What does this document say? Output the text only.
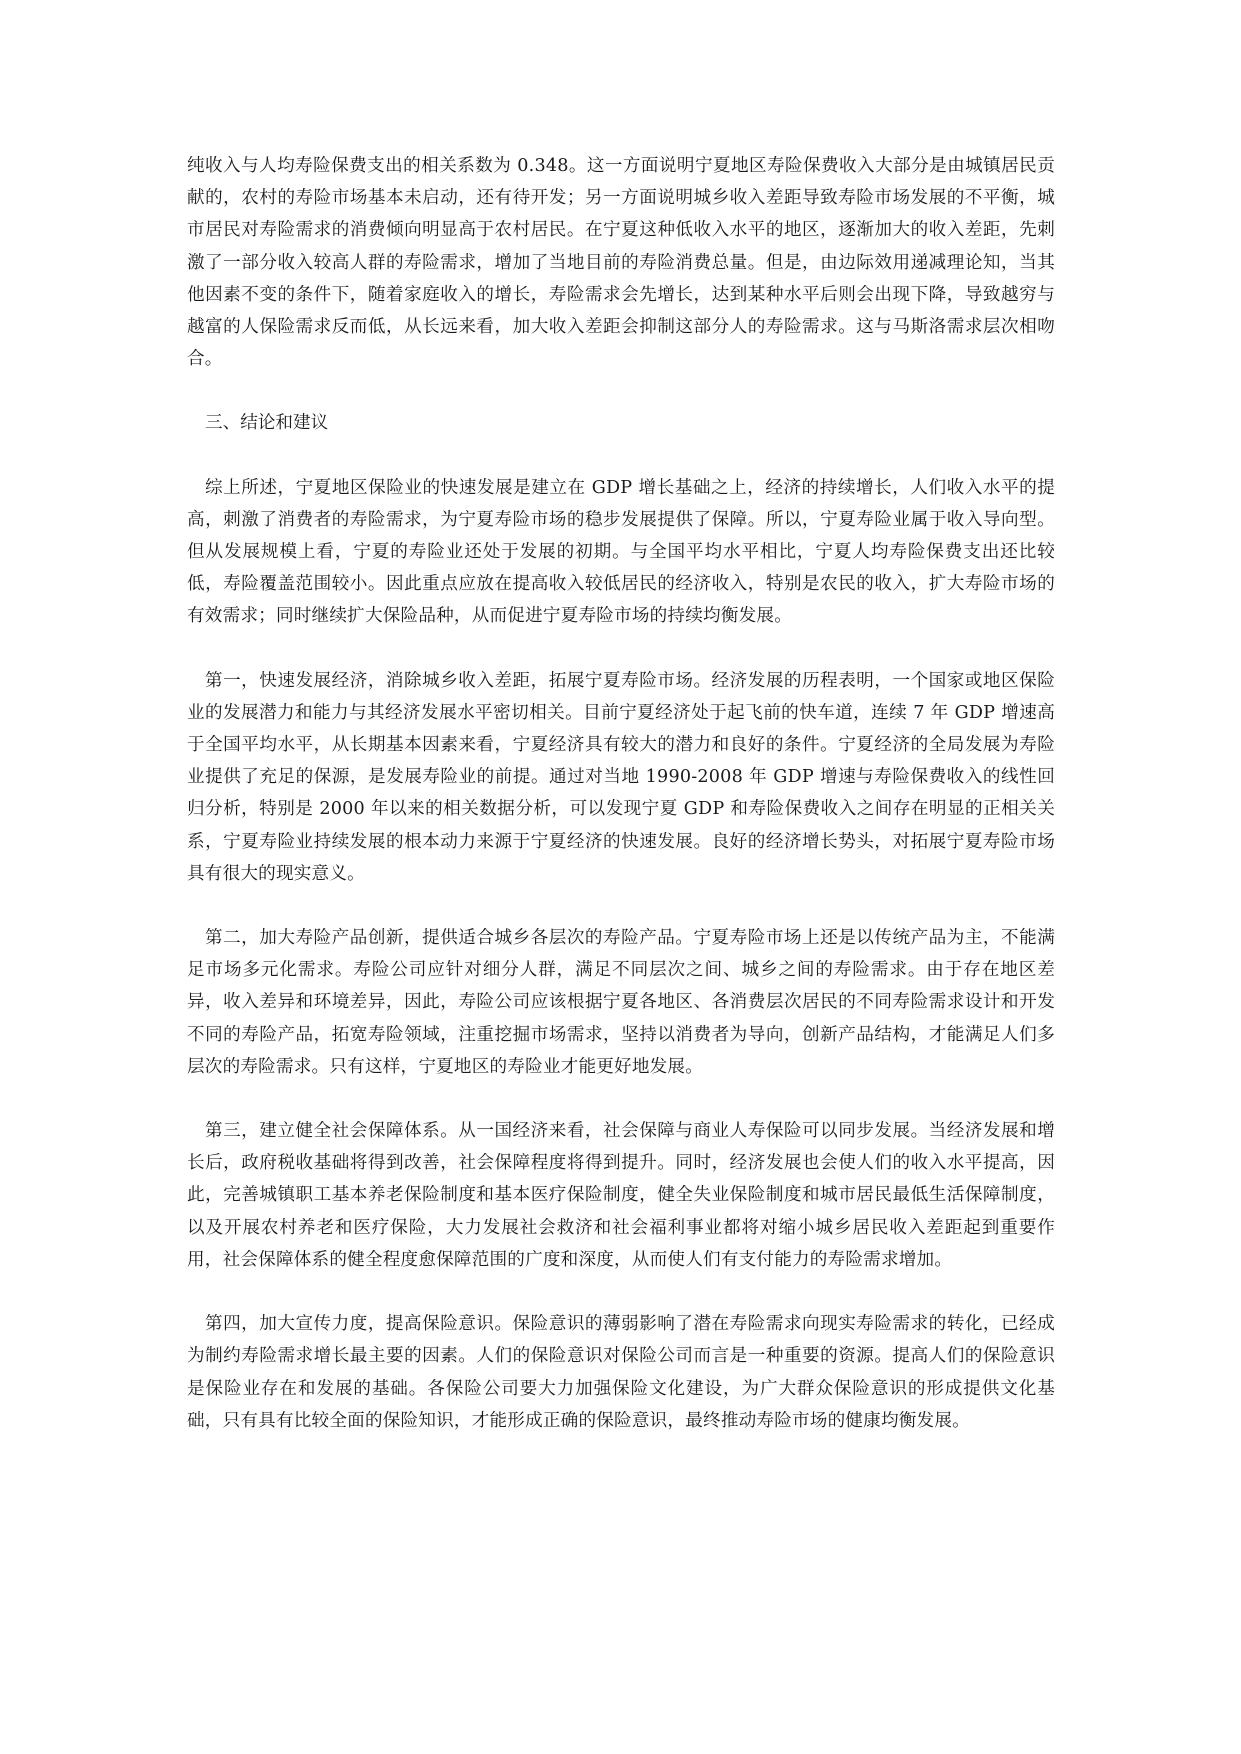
纯收入与人均寿险保费支出的相关系数为 0.348。这一方面说明宁夏地区寿险保费收入大部分是由城镇居民贡献的，农村的寿险市场基本未启动，还有待开发；另一方面说明城乡收入差距导致寿险市场发展的不平衡，城市居民对寿险需求的消费倾向明显高于农村居民。在宁夏这种低收入水平的地区，逐渐加大的收入差距，先刺激了一部分收入较高人群的寿险需求，增加了当地目前的寿险消费总量。但是，由边际效用递减理论知，当其他因素不变的条件下，随着家庭收入的增长，寿险需求会先增长，达到某种水平后则会出现下降，导致越穷与越富的人保险需求反而低，从长远来看，加大收入差距会抑制这部分人的寿险需求。这与马斯洛需求层次相吻合。

三、结论和建议

综上所述，宁夏地区保险业的快速发展是建立在 GDP 增长基础之上，经济的持续增长，人们收入水平的提高，刺激了消费者的寿险需求，为宁夏寿险市场的稳步发展提供了保障。所以，宁夏寿险业属于收入导向型。但从发展规模上看，宁夏的寿险业还处于发展的初期。与全国平均水平相比，宁夏人均寿险保费支出还比较低，寿险覆盖范围较小。因此重点应放在提高收入较低居民的经济收入，特别是农民的收入，扩大寿险市场的有效需求；同时继续扩大保险品种，从而促进宁夏寿险市场的持续均衡发展。

第一，快速发展经济，消除城乡收入差距，拓展宁夏寿险市场。经济发展的历程表明，一个国家或地区保险业的发展潜力和能力与其经济发展水平密切相关。目前宁夏经济处于起飞前的快车道，连续 7 年 GDP 增速高于全国平均水平，从长期基本因素来看，宁夏经济具有较大的潜力和良好的条件。宁夏经济的全局发展为寿险业提供了充足的保源，是发展寿险业的前提。通过对当地 1990-2008 年 GDP 增速与寿险保费收入的线性回归分析，特别是 2000 年以来的相关数据分析，可以发现宁夏 GDP 和寿险保费收入之间存在明显的正相关关系，宁夏寿险业持续发展的根本动力来源于宁夏经济的快速发展。良好的经济增长势头，对拓展宁夏寿险市场具有很大的现实意义。

第二，加大寿险产品创新，提供适合城乡各层次的寿险产品。宁夏寿险市场上还是以传统产品为主，不能满足市场多元化需求。寿险公司应针对细分人群，满足不同层次之间、城乡之间的寿险需求。由于存在地区差异，收入差异和环境差异，因此，寿险公司应该根据宁夏各地区、各消费层次居民的不同寿险需求设计和开发不同的寿险产品，拓宽寿险领域，注重挖掘市场需求，坚持以消费者为导向，创新产品结构，才能满足人们多层次的寿险需求。只有这样，宁夏地区的寿险业才能更好地发展。

第三，建立健全社会保障体系。从一国经济来看，社会保障与商业人寿保险可以同步发展。当经济发展和增长后，政府税收基础将得到改善，社会保障程度将得到提升。同时，经济发展也会使人们的收入水平提高，因此，完善城镇职工基本养老保险制度和基本医疗保险制度，健全失业保险制度和城市居民最低生活保障制度，以及开展农村养老和医疗保险，大力发展社会救济和社会福利事业都将对缩小城乡居民收入差距起到重要作用，社会保障体系的健全程度愈保障范围的广度和深度，从而使人们有支付能力的寿险需求增加。

第四，加大宣传力度，提高保险意识。保险意识的薄弱影响了潜在寿险需求向现实寿险需求的转化，已经成为制约寿险需求增长最主要的因素。人们的保险意识对保险公司而言是一种重要的资源。提高人们的保险意识是保险业存在和发展的基础。各保险公司要大力加强保险文化建设，为广大群众保险意识的形成提供文化基础，只有具有比较全面的保险知识，才能形成正确的保险意识，最终推动寿险市场的健康均衡发展。
